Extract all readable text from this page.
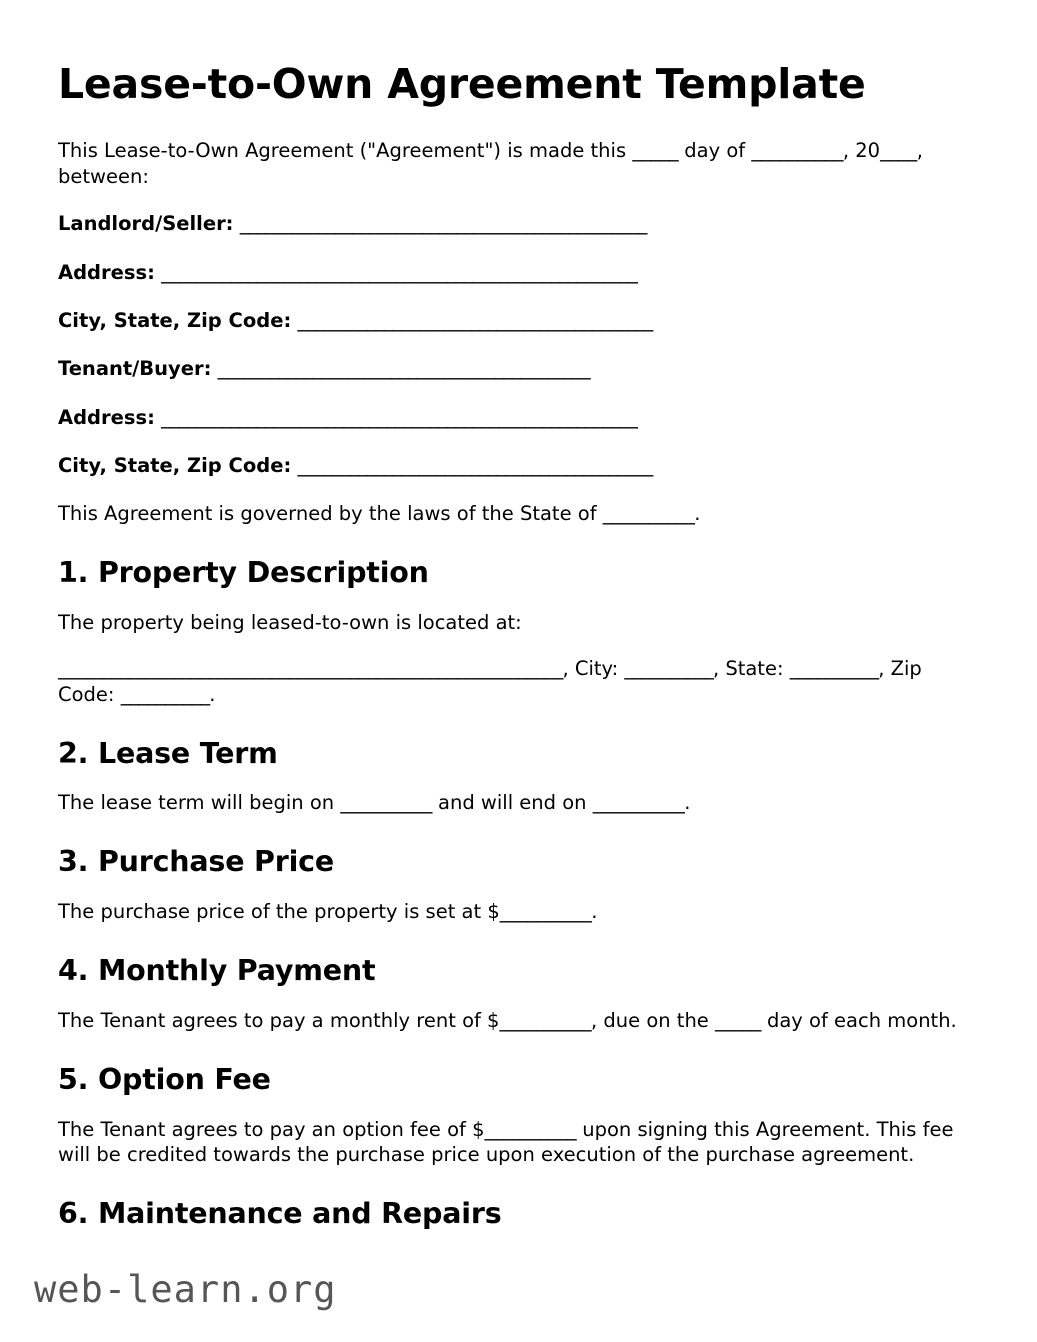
Lease-to-Own Agreement Template

This Lease-to-Own Agreement ("Agreement") is made this _____ day of __________, 20____, between:

Landlord/Seller: _______________________________________________
Address: _______________________________________________________
City, State, Zip Code: _________________________________________
Tenant/Buyer: ___________________________________________
Address: _______________________________________________________
City, State, Zip Code: _________________________________________

This Agreement is governed by the laws of the State of __________.

1. Property Description

The property being leased-to-own is located at:

_________________________________________________________, City: __________, State: __________, Zip Code: __________.

2. Lease Term

The lease term will begin on __________ and will end on __________.

3. Purchase Price

The purchase price of the property is set at $__________.

4. Monthly Payment

The Tenant agrees to pay a monthly rent of $__________, due on the _____ day of each month.

5. Option Fee

The Tenant agrees to pay an option fee of $__________ upon signing this Agreement. This fee will be credited towards the purchase price upon execution of the purchase agreement.

6. Maintenance and Repairs
web-learn.org
